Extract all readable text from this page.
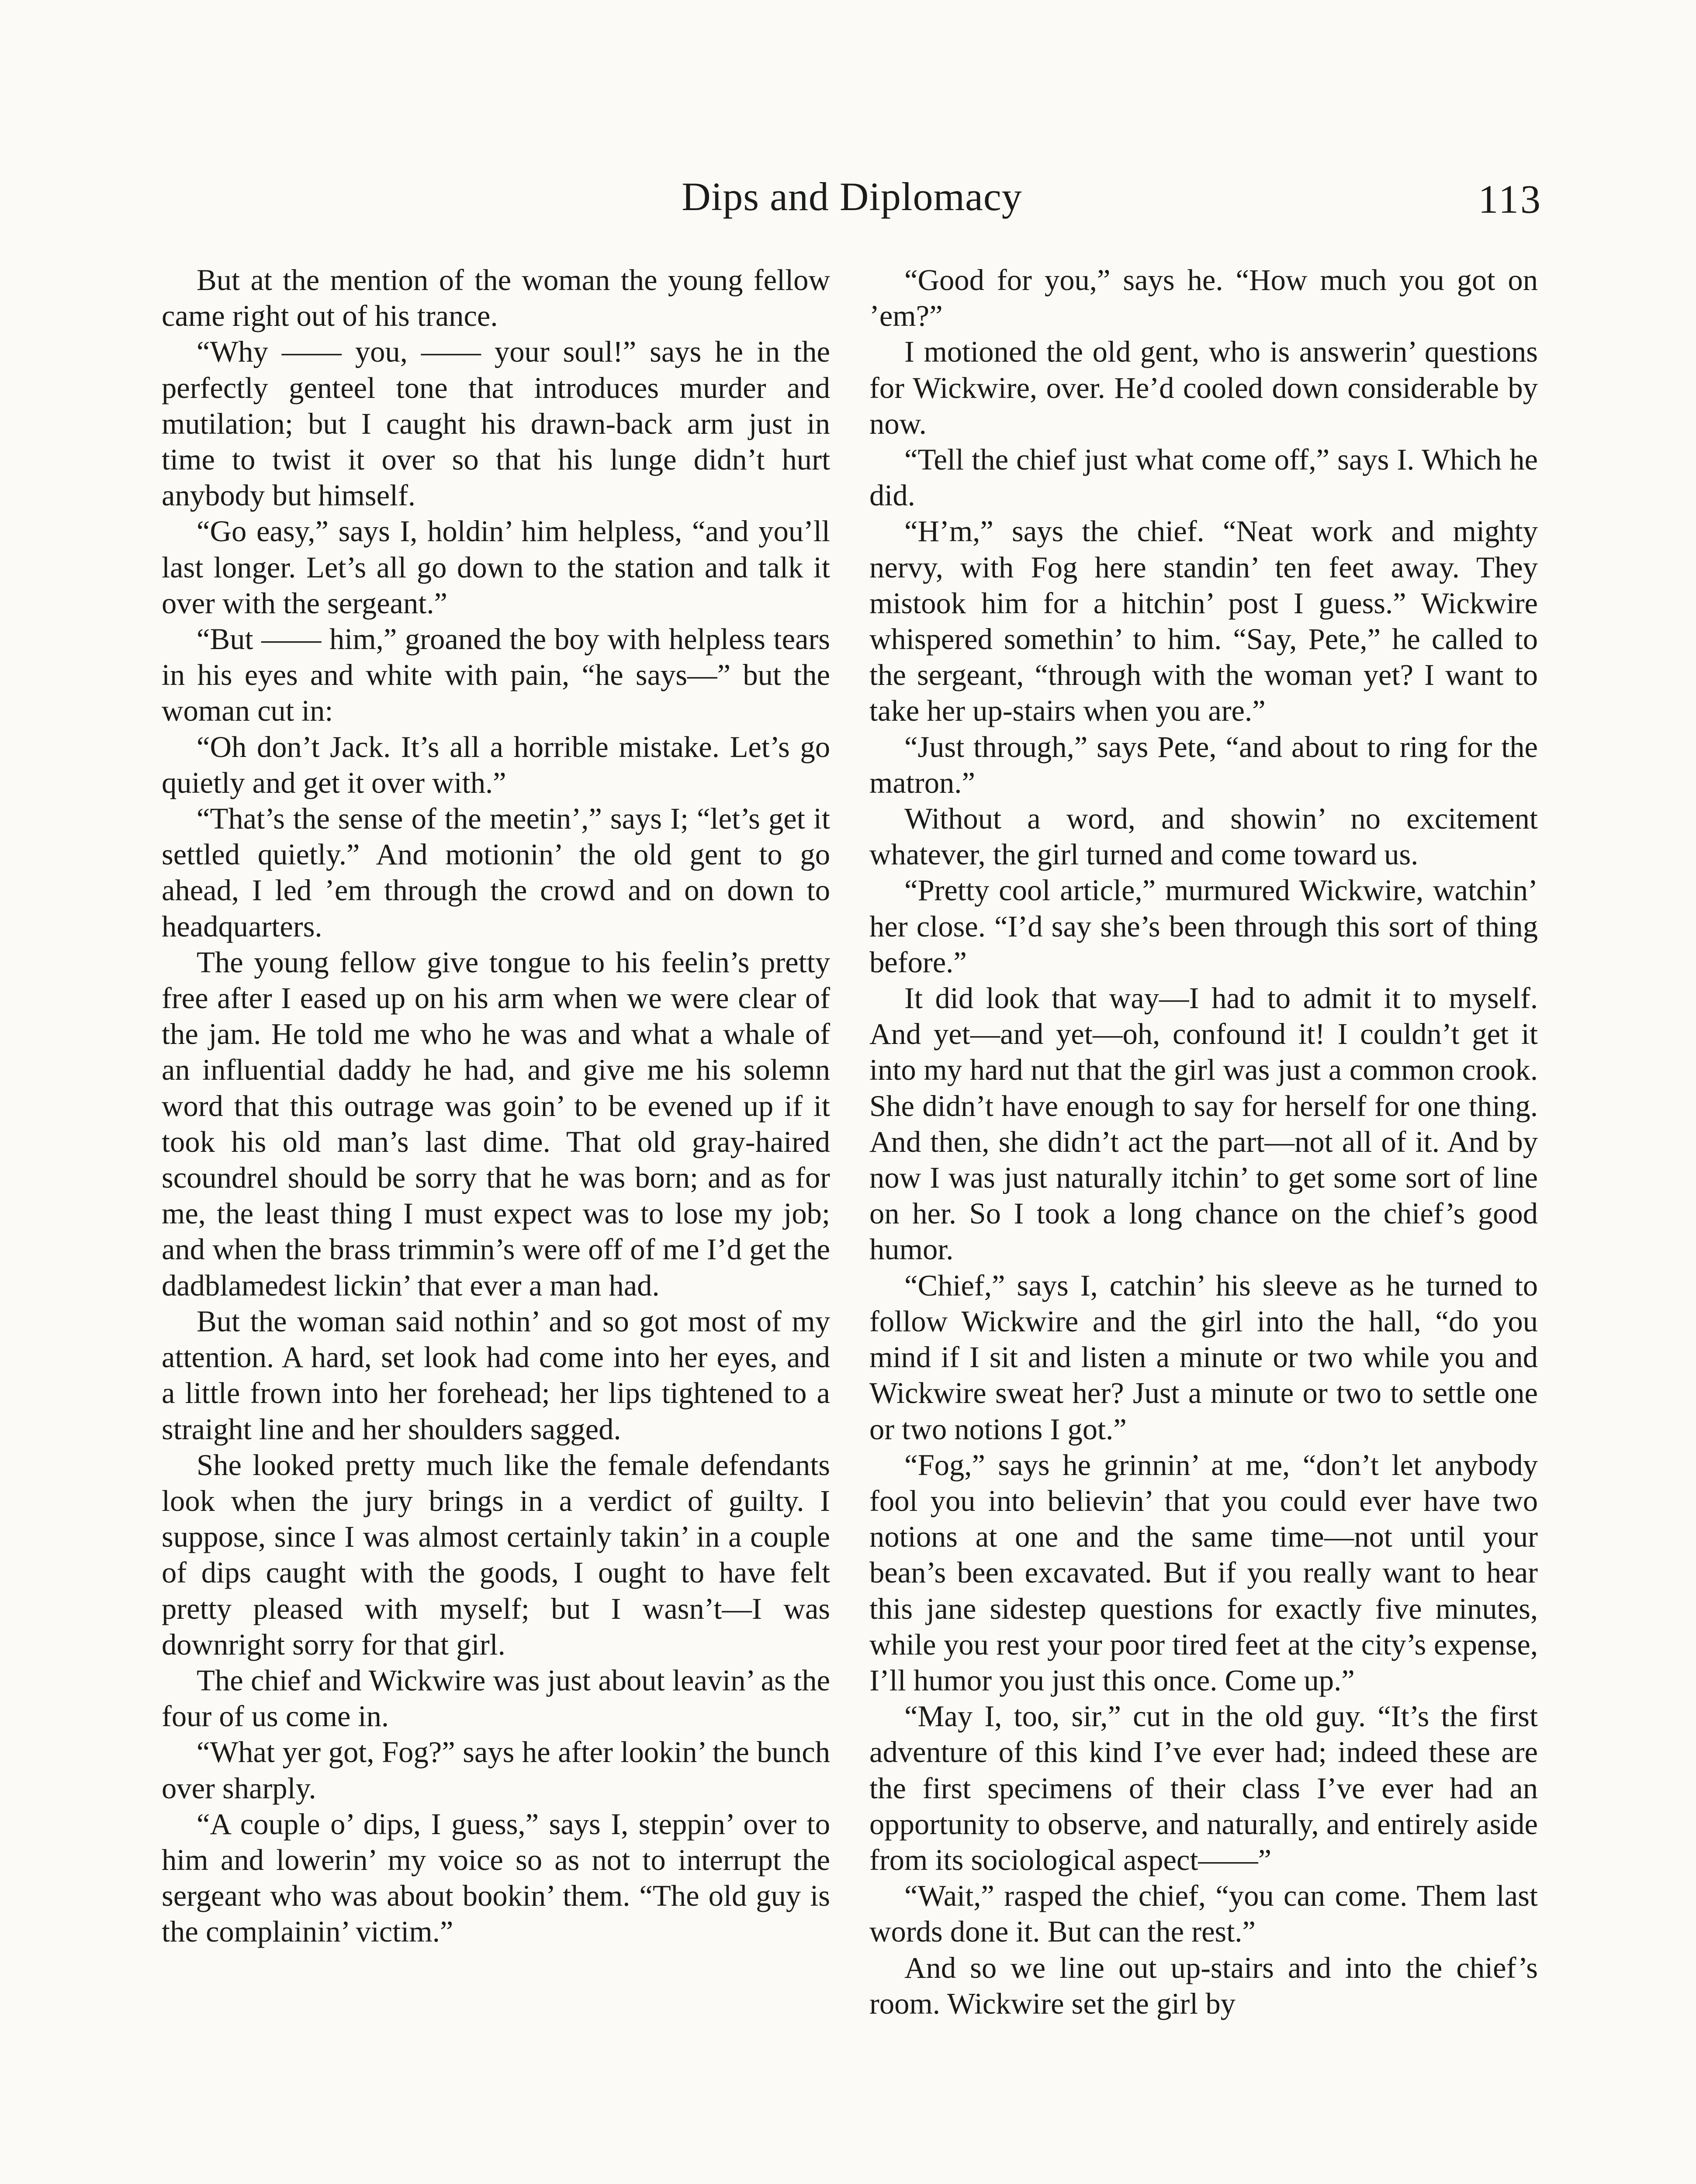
Dips and Diplomacy	113

But at the mention of the woman the young fellow came right out of his trance.

“Why —— you, —— your soul!” says he in the perfectly genteel tone that introduces murder and mutilation; but I caught his drawn-back arm just in time to twist it over so that his lunge didn’t hurt anybody but himself.

“Go easy,” says I, holdin’ him helpless, “and you’ll last longer. Let’s all go down to the station and talk it over with the sergeant.”

“But —— him,” groaned the boy with helpless tears in his eyes and white with pain, “he says—” but the woman cut in:

“Oh don’t Jack. It’s all a horrible mistake. Let’s go quietly and get it over with.”

“That’s the sense of the meetin’,” says I; “let’s get it settled quietly.” And motionin’ the old gent to go ahead, I led ’em through the crowd and on down to headquarters.

The young fellow give tongue to his feelin’s pretty free after I eased up on his arm when we were clear of the jam. He told me who he was and what a whale of an influential daddy he had, and give me his solemn word that this outrage was goin’ to be evened up if it took his old man’s last dime. That old gray-haired scoundrel should be sorry that he was born; and as for me, the least thing I must expect was to lose my job; and when the brass trimmin’s were off of me I’d get the dadblamedest lickin’ that ever a man had.

But the woman said nothin’ and so got most of my attention. A hard, set look had come into her eyes, and a little frown into her forehead; her lips tightened to a straight line and her shoulders sagged.

She looked pretty much like the female defendants look when the jury brings in a verdict of guilty. I suppose, since I was almost certainly takin’ in a couple of dips caught with the goods, I ought to have felt pretty pleased with myself; but I wasn’t—I was downright sorry for that girl.

The chief and Wickwire was just about leavin’ as the four of us come in.

“What yer got, Fog?” says he after lookin’ the bunch over sharply.

“A couple o’ dips, I guess,” says I, steppin’ over to him and lowerin’ my voice so as not to interrupt the sergeant who was about bookin’ them. “The old guy is the complainin’ victim.”

“Good for you,” says he. “How much you got on ’em?”

I motioned the old gent, who is answerin’ questions for Wickwire, over. He’d cooled down considerable by now.

“Tell the chief just what come off,” says I. Which he did.

“H’m,” says the chief. “Neat work and mighty nervy, with Fog here standin’ ten feet away. They mistook him for a hitchin’ post I guess.” Wickwire whispered somethin’ to him. “Say, Pete,” he called to the sergeant, “through with the woman yet? I want to take her up-stairs when you are.”

“Just through,” says Pete, “and about to ring for the matron.”

Without a word, and showin’ no excitement whatever, the girl turned and come toward us.

“Pretty cool article,” murmured Wickwire, watchin’ her close. “I’d say she’s been through this sort of thing before.”

It did look that way—I had to admit it to myself. And yet—and yet—oh, confound it! I couldn’t get it into my hard nut that the girl was just a common crook. She didn’t have enough to say for herself for one thing. And then, she didn’t act the part—not all of it. And by now I was just naturally itchin’ to get some sort of line on her. So I took a long chance on the chief’s good humor.

“Chief,” says I, catchin’ his sleeve as he turned to follow Wickwire and the girl into the hall, “do you mind if I sit and listen a minute or two while you and Wickwire sweat her? Just a minute or two to settle one or two notions I got.”

“Fog,” says he grinnin’ at me, “don’t let anybody fool you into believin’ that you could ever have two notions at one and the same time—not until your bean’s been excavated. But if you really want to hear this jane sidestep questions for exactly five minutes, while you rest your poor tired feet at the city’s expense, I’ll humor you just this once. Come up.”

“May I, too, sir,” cut in the old guy. “It’s the first adventure of this kind I’ve ever had; indeed these are the first specimens of their class I’ve ever had an opportunity to observe, and naturally, and entirely aside from its sociological aspect——”

“Wait,” rasped the chief, “you can come. Them last words done it. But can the rest.”

And so we line out up-stairs and into the chief’s room. Wickwire set the girl by
